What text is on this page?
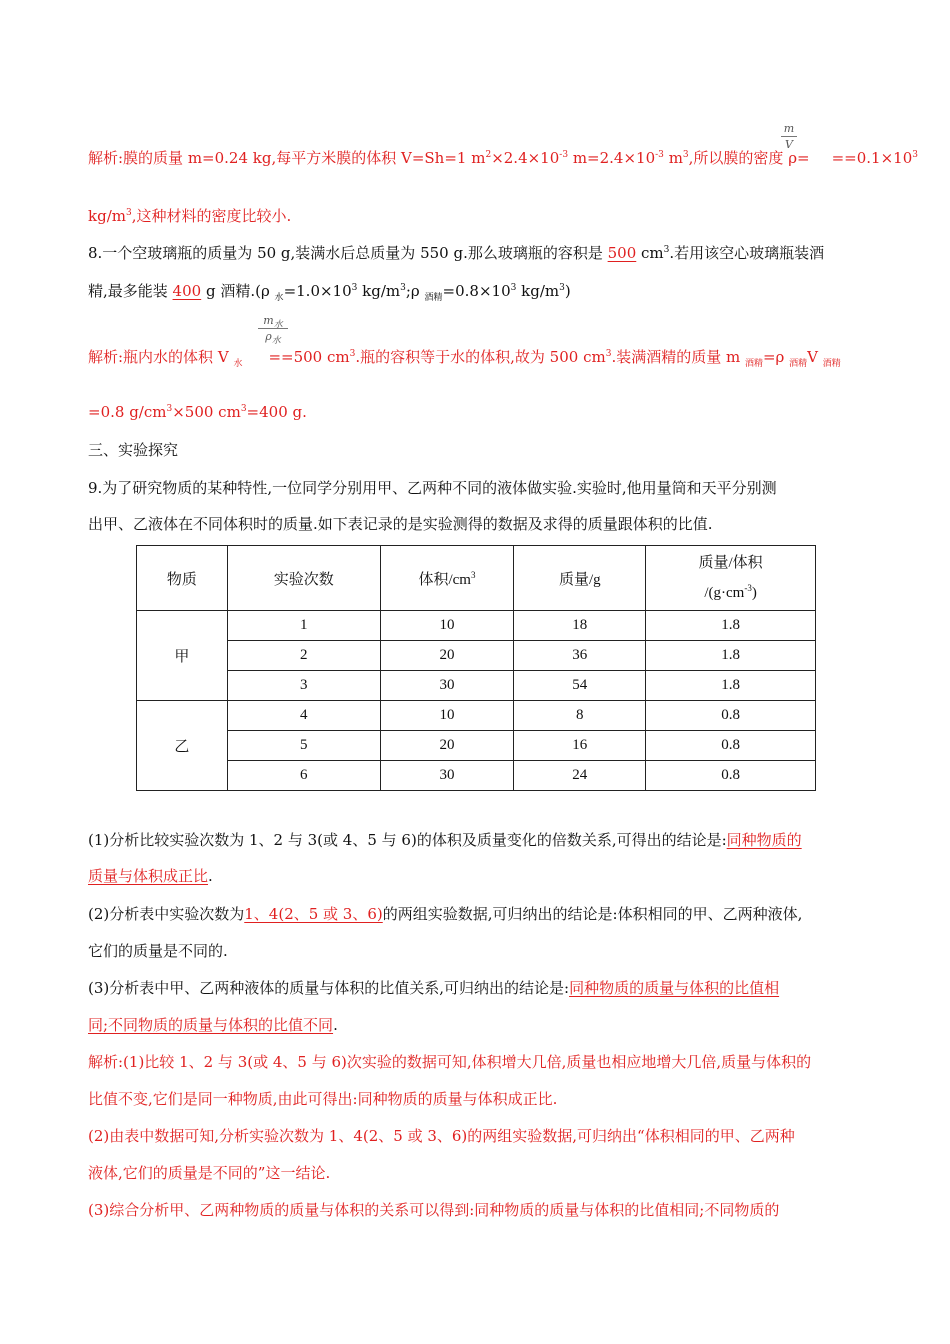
解析:膜的质量 m=0.24 kg,每平方米膜的体积 V=Sh=1 $m^2\times 2.4\times 10^{-3}$ $m=2.4\times 10^{-3}$ $m^3$,所以膜的密度 $\rho= ==0.1\times 10^3$
m
V
$kg/m^3$,这种材料的密度比较小.
8.一个空玻璃瓶的质量为 50 g,装满水后总质量为 550 g.那么玻璃瓶的容积是 500 $cm^3$.若用该空心玻璃瓶装酒
精,最多能装 400 g 酒精.(ρ $_水=1.0\times 10^3$ $kg/m^3;\rho$ $_{酒精}=0.8\times 10^3$ $kg/m^3$)
$m_水$
$\rho_水$
解析:瓶内水的体积 V $_水$ ==500 $cm^3$.瓶的容积等于水的体积,故为 500 $cm^3$.装满酒精的质量 m $_{酒精}$=ρ $_{酒精}$V $_{酒精}$
=0.8 $g/cm^3\times 500$ $cm^3=400$ g.
三、实验探究
9.为了研究物质的某种特性,一位同学分别用甲、乙两种不同的液体做实验.实验时,他用量筒和天平分别测
出甲、乙液体在不同体积时的质量.如下表记录的是实验测得的数据及求得的质量跟体积的比值.
物质	实验次数	体积$/cm^3$	质量/g	质量/体积
$/(g\cdot cm^{-3})$

甲	1	10	18	1.8
	2	20	36	1.8
	3	30	54	1.8
乙	4	10	8	0.8
	5	20	16	0.8
	6	30	24	0.8
(1)分析比较实验次数为 1、2 与 3(或 4、5 与 6)的体积及质量变化的倍数关系,可得出的结论是:同种物质的
质量与体积成正比.
(2)分析表中实验次数为1、4(2、5 或 3、6)的两组实验数据,可归纳出的结论是:体积相同的甲、乙两种液体,
它们的质量是不同的.
(3)分析表中甲、乙两种液体的质量与体积的比值关系,可归纳出的结论是:同种物质的质量与体积的比值相
同;不同物质的质量与体积的比值不同.
解析:(1)比较 1、2 与 3(或 4、5 与 6)次实验的数据可知,体积增大几倍,质量也相应地增大几倍,质量与体积的
比值不变,它们是同一种物质,由此可得出:同种物质的质量与体积成正比.
(2)由表中数据可知,分析实验次数为 1、4(2、5 或 3、6)的两组实验数据,可归纳出“体积相同的甲、乙两种
液体,它们的质量是不同的”这一结论.
(3)综合分析甲、乙两种物质的质量与体积的关系可以得到:同种物质的质量与体积的比值相同;不同物质的
